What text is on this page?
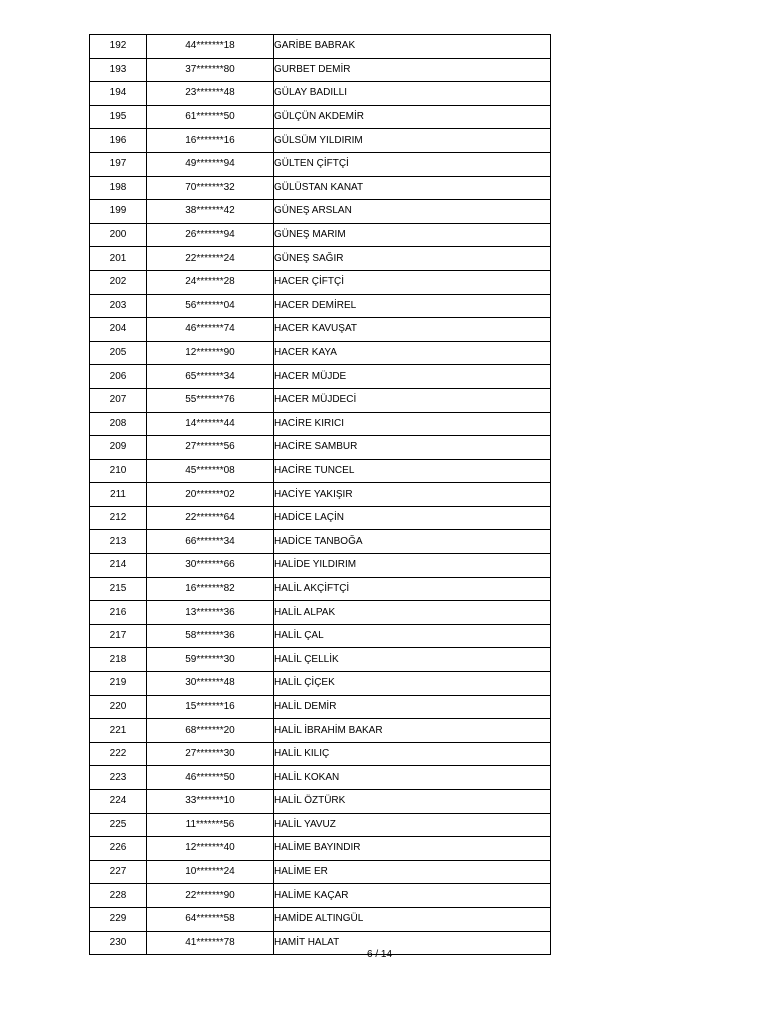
192	44*******18	GARİBE BABRAK
193	37*******80	GURBET DEMİR
194	23*******48	GÜLAY BADILLI
195	61*******50	GÜLÇÜN AKDEMİR
196	16*******16	GÜLSÜM YILDIRIM
197	49*******94	GÜLTEN ÇİFTÇİ
198	70*******32	GÜLÜSTAN KANAT
199	38*******42	GÜNEŞ ARSLAN
200	26*******94	GÜNEŞ MARIM
201	22*******24	GÜNEŞ SAĞIR
202	24*******28	HACER ÇİFTÇİ
203	56*******04	HACER DEMİREL
204	46*******74	HACER KAVUŞAT
205	12*******90	HACER KAYA
206	65*******34	HACER MÜJDE
207	55*******76	HACER MÜJDECİ
208	14*******44	HACİRE KIRICI
209	27*******56	HACİRE SAMBUR
210	45*******08	HACİRE TUNCEL
211	20*******02	HACİYE YAKIŞIR
212	22*******64	HADİCE LAÇİN
213	66*******34	HADİCE TANBOĞA
214	30*******66	HALİDE YILDIRIM
215	16*******82	HALİL AKÇİFTÇİ
216	13*******36	HALİL ALPAK
217	58*******36	HALİL ÇAL
218	59*******30	HALİL ÇELLİK
219	30*******48	HALİL ÇİÇEK
220	15*******16	HALİL DEMİR
221	68*******20	HALİL İBRAHİM BAKAR
222	27*******30	HALİL KILIÇ
223	46*******50	HALİL KOKAN
224	33*******10	HALİL ÖZTÜRK
225	11*******56	HALİL YAVUZ
226	12*******40	HALİME BAYINDIR
227	10*******24	HALİME ER
228	22*******90	HALİME KAÇAR
229	64*******58	HAMİDE ALTINGÜL
230	41*******78	HAMİT HALAT
6 / 14
